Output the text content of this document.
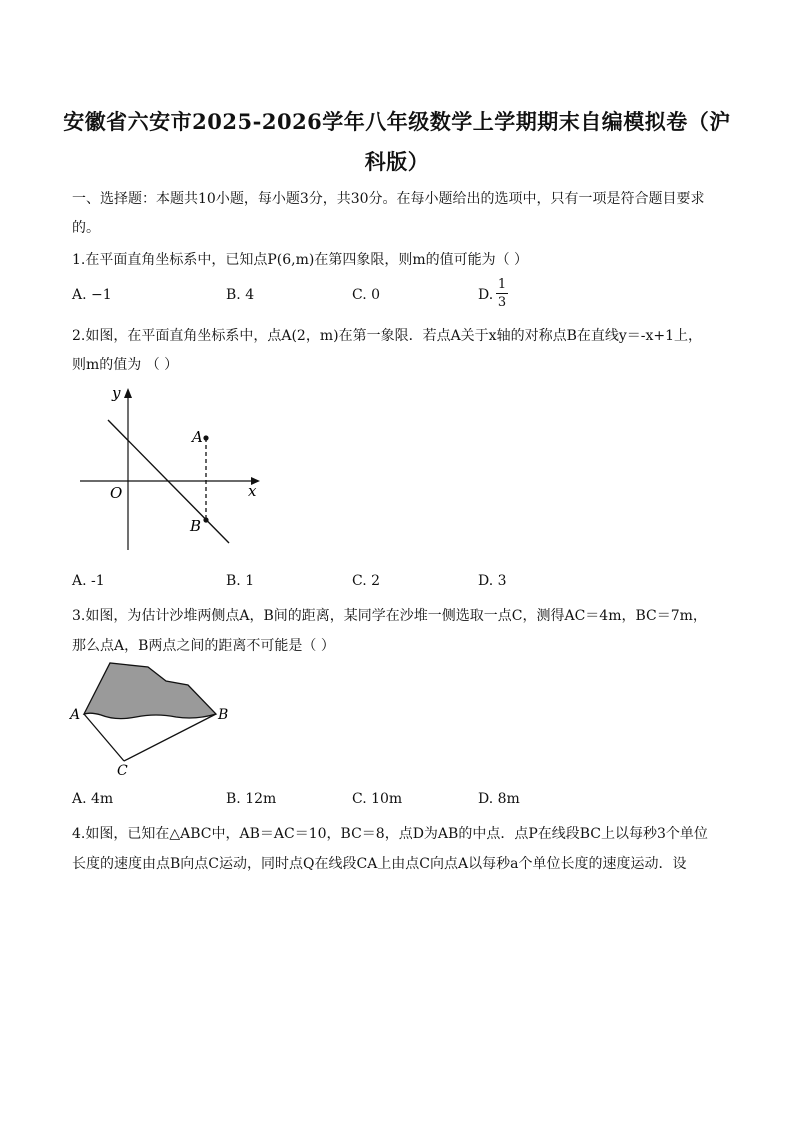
安徽省六安市2025-2026学年八年级数学上学期期末自编模拟卷（沪
科版）
一、选择题：本题共10小题，每小题3分，共30分。在每小题给出的选项中，只有一项是符合题目要求
的。
1.在平面直角坐标系中，已知点P(6,m)在第四象限，则m的值可能为（ ）
A. −1	B. 4	C. 0	D.
1
3
2.如图，在平面直角坐标系中，点A(2，m)在第一象限．若点A关于x轴的对称点B在直线y＝-x+1上，
则m的值为 （ ）
y
x
O
A
B
A. -1	B. 1	C. 2	D. 3
3.如图，为估计沙堆两侧点A，B间的距离，某同学在沙堆一侧选取一点C，测得AC＝4m，BC＝7m，
那么点A，B两点之间的距离不可能是（ ）
A	B
C
A. 4m	B. 12m	C. 10m	D. 8m
4.如图，已知在△ABC中，AB＝AC＝10，BC＝8，点D为AB的中点．点P在线段BC上以每秒3个单位
长度的速度由点B向点C运动，同时点Q在线段CA上由点C向点A以每秒a个单位长度的速度运动．设
